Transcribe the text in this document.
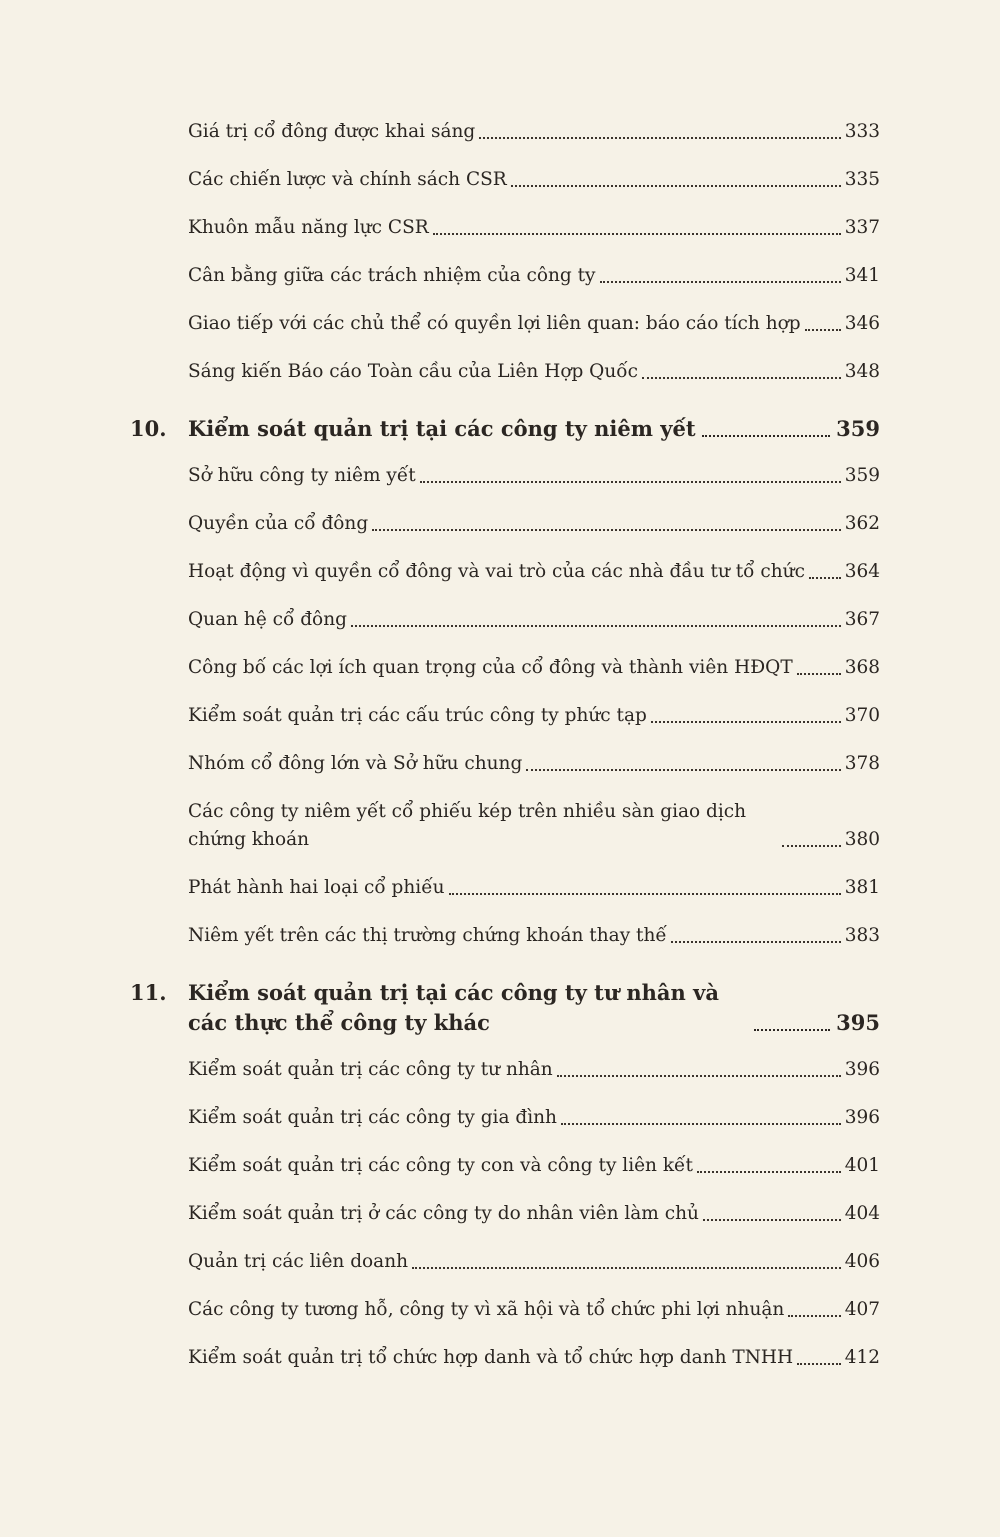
Giá trị cổ đông được khai sáng	333
Các chiến lược và chính sách CSR	335
Khuôn mẫu năng lực CSR	337
Cân bằng giữa các trách nhiệm của công ty	341
Giao tiếp với các chủ thể có quyền lợi liên quan: báo cáo tích hợp 346
Sáng kiến Báo cáo Toàn cầu của Liên Hợp Quốc	348
10.	Kiểm soát quản trị tại các công ty niêm yết	359
Sở hữu công ty niêm yết	359
Quyền của cổ đông	362
Hoạt động vì quyền cổ đông và vai trò của các nhà đầu tư tổ chức 364
Quan hệ cổ đông	367
Công bố các lợi ích quan trọng của cổ đông và thành viên HĐQT	368
Kiểm soát quản trị các cấu trúc công ty phức tạp	370
Nhóm cổ đông lớn và Sở hữu chung	378
Các công ty niêm yết cổ phiếu kép trên nhiều sàn giao dịch chứng khoán	380
Phát hành hai loại cổ phiếu	381
Niêm yết trên các thị trường chứng khoán thay thế	383
11.	Kiểm soát quản trị tại các công ty tư nhân và các thực thể công ty khác	395
Kiểm soát quản trị các công ty tư nhân	396
Kiểm soát quản trị các công ty gia đình	396
Kiểm soát quản trị các công ty con và công ty liên kết	401
Kiểm soát quản trị ở các công ty do nhân viên làm chủ	404
Quản trị các liên doanh	406
Các công ty tương hỗ, công ty vì xã hội và tổ chức phi lợi nhuận	407
Kiểm soát quản trị tổ chức hợp danh và tổ chức hợp danh TNHH	412
